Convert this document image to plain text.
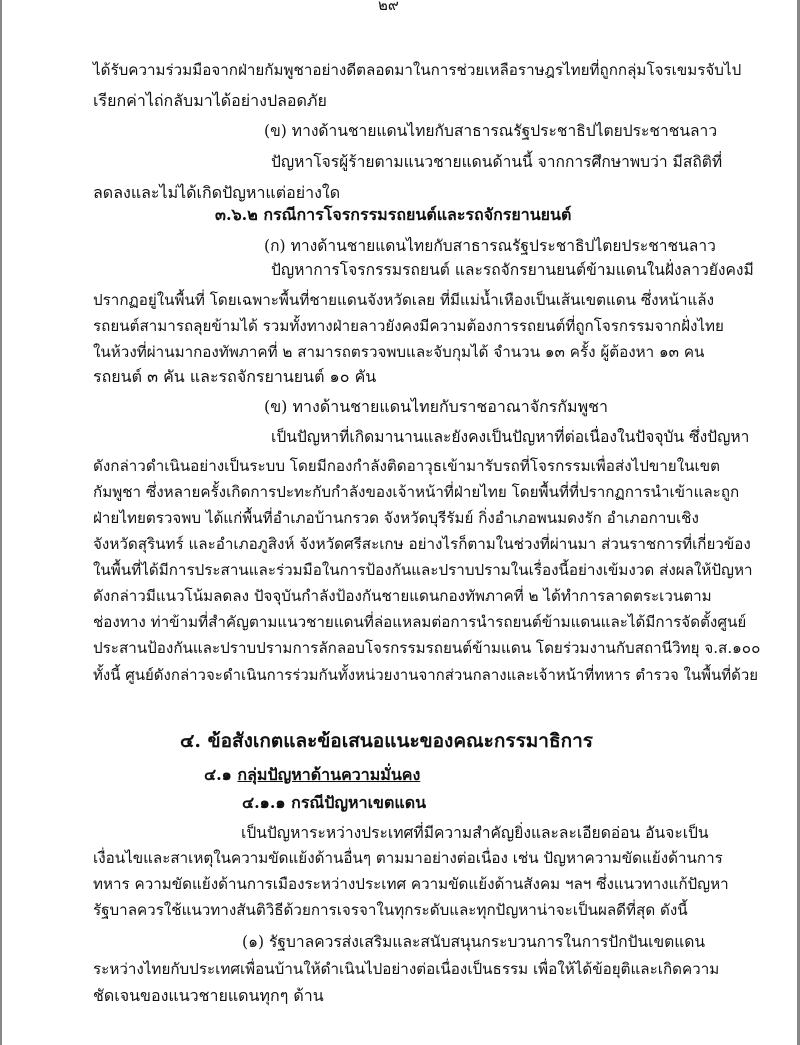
๒๙
ได้รับความร่วมมือจากฝ่ายกัมพูชาอย่างดีตลอดมาในการช่วยเหลือราษฎรไทยที่ถูกกลุ่มโจรเขมรจับไป
เรียกค่าไถ่กลับมาได้อย่างปลอดภัย
(ข) ทางด้านชายแดนไทยกับสาธารณรัฐประชาธิปไตยประชาชนลาว
ปัญหาโจรผู้ร้ายตามแนวชายแดนด้านนี้ จากการศึกษาพบว่า มีสถิติที่
ลดลงและไม่ได้เกิดปัญหาแต่อย่างใด
๓.๖.๒ กรณีการโจรกรรมรถยนต์และรถจักรยานยนต์
(ก) ทางด้านชายแดนไทยกับสาธารณรัฐประชาธิปไตยประชาชนลาว
ปัญหาการโจรกรรมรถยนต์ และรถจักรยานยนต์ข้ามแดนในฝั่งลาวยังคงมี
ปรากฏอยู่ในพื้นที่ โดยเฉพาะพื้นที่ชายแดนจังหวัดเลย ที่มีแม่น้ำเหืองเป็นเส้นเขตแดน ซึ่งหน้าแล้ง
รถยนต์สามารถลุยข้ามได้ รวมทั้งทางฝ่ายลาวยังคงมีความต้องการรถยนต์ที่ถูกโจรกรรมจากฝั่งไทย
ในห้วงที่ผ่านมากองทัพภาคที่ ๒ สามารถตรวจพบและจับกุมได้ จำนวน ๑๓ ครั้ง ผู้ต้องหา ๑๓ คน
รถยนต์ ๓ คัน และรถจักรยานยนต์ ๑๐ คัน
(ข) ทางด้านชายแดนไทยกับราชอาณาจักรกัมพูชา
เป็นปัญหาที่เกิดมานานและยังคงเป็นปัญหาที่ต่อเนื่องในปัจจุบัน ซึ่งปัญหา
ดังกล่าวดำเนินอย่างเป็นระบบ โดยมีกองกำลังติดอาวุธเข้ามารับรถที่โจรกรรมเพื่อส่งไปขายในเขต
กัมพูชา ซึ่งหลายครั้งเกิดการปะทะกับกำลังของเจ้าหน้าที่ฝ่ายไทย โดยพื้นที่ที่ปรากฏการนำเข้าและถูก
ฝ่ายไทยตรวจพบ ได้แก่พื้นที่อำเภอบ้านกรวด จังหวัดบุรีรัมย์ กิ่งอำเภอพนมดงรัก อำเภอกาบเชิง
จังหวัดสุรินทร์ และอำเภอภูสิงห์ จังหวัดศรีสะเกษ อย่างไรก็ตามในช่วงที่ผ่านมา ส่วนราชการที่เกี่ยวข้อง
ในพื้นที่ได้มีการประสานและร่วมมือในการป้องกันและปราบปรามในเรื่องนี้อย่างเข้มงวด ส่งผลให้ปัญหา
ดังกล่าวมีแนวโน้มลดลง ปัจจุบันกำลังป้องกันชายแดนกองทัพภาคที่ ๒ ได้ทำการลาดตระเวนตาม
ช่องทาง ท่าข้ามที่สำคัญตามแนวชายแดนที่ล่อแหลมต่อการนำรถยนต์ข้ามแดนและได้มีการจัดตั้งศูนย์
ประสานป้องกันและปราบปรามการลักลอบโจรกรรมรถยนต์ข้ามแดน โดยร่วมงานกับสถานีวิทยุ จ.ส.๑๐๐
ทั้งนี้ ศูนย์ดังกล่าวจะดำเนินการร่วมกันทั้งหน่วยงานจากส่วนกลางและเจ้าหน้าที่ทหาร ตำรวจ ในพื้นที่ด้วย
๔. ข้อสังเกตและข้อเสนอแนะของคณะกรรมาธิการ
๔.๑ กลุ่มปัญหาด้านความมั่นคง
๔.๑.๑ กรณีปัญหาเขตแดน
เป็นปัญหาระหว่างประเทศที่มีความสำคัญยิ่งและละเอียดอ่อน อันจะเป็น
เงื่อนไขและสาเหตุในความขัดแย้งด้านอื่นๆ ตามมาอย่างต่อเนื่อง เช่น ปัญหาความขัดแย้งด้านการ
ทหาร ความขัดแย้งด้านการเมืองระหว่างประเทศ ความขัดแย้งด้านสังคม ฯลฯ ซึ่งแนวทางแก้ปัญหา
รัฐบาลควรใช้แนวทางสันติวิธีด้วยการเจรจาในทุกระดับและทุกปัญหาน่าจะเป็นผลดีที่สุด ดังนี้
(๑) รัฐบาลควรส่งเสริมและสนับสนุนกระบวนการในการปักปันเขตแดน
ระหว่างไทยกับประเทศเพื่อนบ้านให้ดำเนินไปอย่างต่อเนื่องเป็นธรรม เพื่อให้ได้ข้อยุติและเกิดความ
ชัดเจนของแนวชายแดนทุกๆ ด้าน
